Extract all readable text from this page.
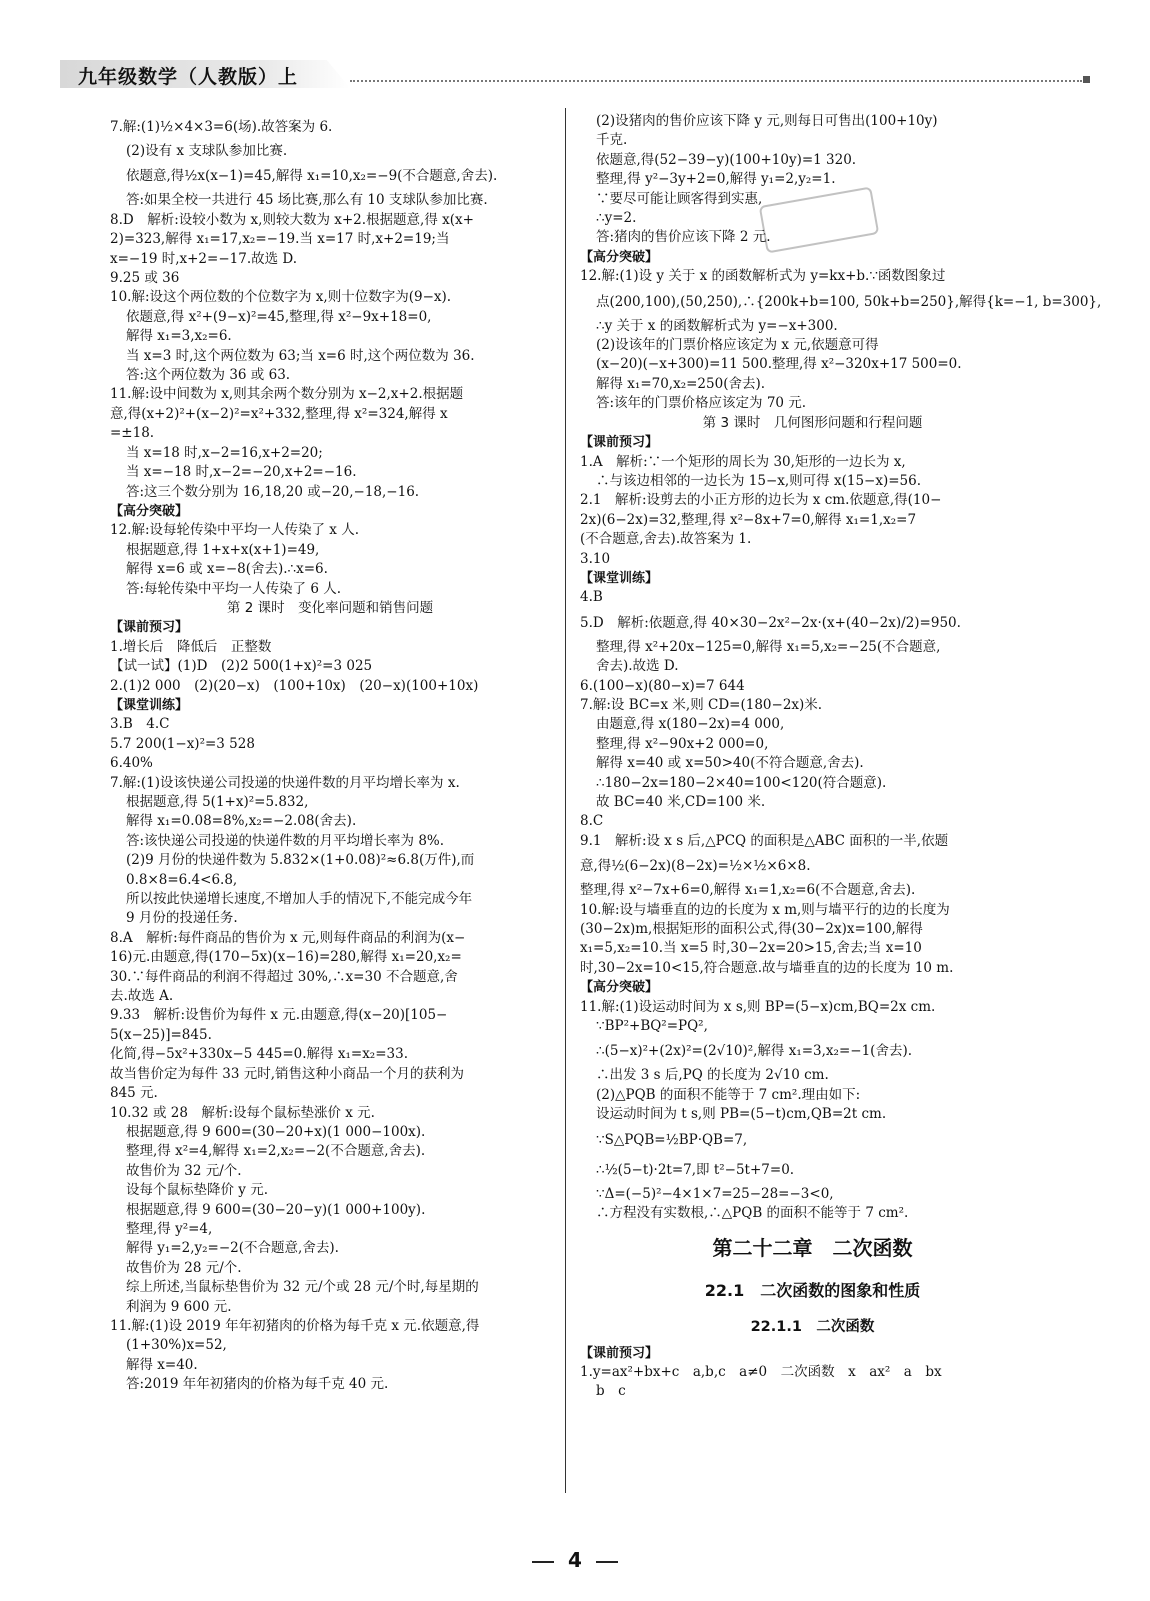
九年级数学（人教版）上
7.解:(1)½×4×3=6(场).故答案为 6.
(2)设有 x 支球队参加比赛.
依题意,得½x(x−1)=45,解得 x₁=10,x₂=−9(不合题意,舍去).
答:如果全校一共进行 45 场比赛,那么有 10 支球队参加比赛.
8.D　解析:设较小数为 x,则较大数为 x+2.根据题意,得 x(x+
2)=323,解得 x₁=17,x₂=−19.当 x=17 时,x+2=19;当
x=−19 时,x+2=−17.故选 D.
9.25 或 36
10.解:设这个两位数的个位数字为 x,则十位数字为(9−x).
依题意,得 x²+(9−x)²=45,整理,得 x²−9x+18=0,
解得 x₁=3,x₂=6.
当 x=3 时,这个两位数为 63;当 x=6 时,这个两位数为 36.
答:这个两位数为 36 或 63.
11.解:设中间数为 x,则其余两个数分别为 x−2,x+2.根据题
意,得(x+2)²+(x−2)²=x²+332,整理,得 x²=324,解得 x
=±18.
当 x=18 时,x−2=16,x+2=20;
当 x=−18 时,x−2=−20,x+2=−16.
答:这三个数分别为 16,18,20 或−20,−18,−16.
【高分突破】
12.解:设每轮传染中平均一人传染了 x 人.
根据题意,得 1+x+x(x+1)=49,
解得 x=6 或 x=−8(舍去).∴x=6.
答:每轮传染中平均一人传染了 6 人.
第 2 课时　变化率问题和销售问题
【课前预习】
1.增长后　降低后　正整数
【试一试】(1)D　(2)2 500(1+x)²=3 025
2.(1)2 000　(2)(20−x)　(100+10x)　(20−x)(100+10x)
【课堂训练】
3.B　4.C
5.7 200(1−x)²=3 528
6.40%
7.解:(1)设该快递公司投递的快递件数的月平均增长率为 x.
根据题意,得 5(1+x)²=5.832,
解得 x₁=0.08=8%,x₂=−2.08(舍去).
答:该快递公司投递的快递件数的月平均增长率为 8%.
(2)9 月份的快递件数为 5.832×(1+0.08)²≈6.8(万件),而
0.8×8=6.4<6.8,
所以按此快递增长速度,不增加人手的情况下,不能完成今年
9 月份的投递任务.
8.A　解析:每件商品的售价为 x 元,则每件商品的利润为(x−
16)元.由题意,得(170−5x)(x−16)=280,解得 x₁=20,x₂=
30.∵每件商品的利润不得超过 30%,∴x=30 不合题意,舍
去.故选 A.
9.33　解析:设售价为每件 x 元.由题意,得(x−20)[105−
5(x−25)]=845.
化简,得−5x²+330x−5 445=0.解得 x₁=x₂=33.
故当售价定为每件 33 元时,销售这种小商品一个月的获利为
845 元.
10.32 或 28　解析:设每个鼠标垫涨价 x 元.
根据题意,得 9 600=(30−20+x)(1 000−100x).
整理,得 x²=4,解得 x₁=2,x₂=−2(不合题意,舍去).
故售价为 32 元/个.
设每个鼠标垫降价 y 元.
根据题意,得 9 600=(30−20−y)(1 000+100y).
整理,得 y²=4,
解得 y₁=2,y₂=−2(不合题意,舍去).
故售价为 28 元/个.
综上所述,当鼠标垫售价为 32 元/个或 28 元/个时,每星期的
利润为 9 600 元.
11.解:(1)设 2019 年年初猪肉的价格为每千克 x 元.依题意,得
(1+30%)x=52,
解得 x=40.
答:2019 年年初猪肉的价格为每千克 40 元.
(2)设猪肉的售价应该下降 y 元,则每日可售出(100+10y)
千克.
依题意,得(52−39−y)(100+10y)=1 320.
整理,得 y²−3y+2=0,解得 y₁=2,y₂=1.
∵要尽可能让顾客得到实惠,
∴y=2.
答:猪肉的售价应该下降 2 元.
【高分突破】
12.解:(1)设 y 关于 x 的函数解析式为 y=kx+b.∵函数图象过
点(200,100),(50,250),∴{200k+b=100, 50k+b=250},解得{k=−1, b=300},
∴y 关于 x 的函数解析式为 y=−x+300.
(2)设该年的门票价格应该定为 x 元,依题意可得
(x−20)(−x+300)=11 500.整理,得 x²−320x+17 500=0.
解得 x₁=70,x₂=250(舍去).
答:该年的门票价格应该定为 70 元.
第 3 课时　几何图形问题和行程问题
【课前预习】
1.A　解析:∵一个矩形的周长为 30,矩形的一边长为 x,
∴与该边相邻的一边长为 15−x,则可得 x(15−x)=56.
2.1　解析:设剪去的小正方形的边长为 x cm.依题意,得(10−
2x)(6−2x)=32,整理,得 x²−8x+7=0,解得 x₁=1,x₂=7
(不合题意,舍去).故答案为 1.
3.10
【课堂训练】
4.B
5.D　解析:依题意,得 40×30−2x²−2x·(x+(40−2x)/2)=950.
整理,得 x²+20x−125=0,解得 x₁=5,x₂=−25(不合题意,
舍去).故选 D.
6.(100−x)(80−x)=7 644
7.解:设 BC=x 米,则 CD=(180−2x)米.
由题意,得 x(180−2x)=4 000,
整理,得 x²−90x+2 000=0,
解得 x=40 或 x=50>40(不符合题意,舍去).
∴180−2x=180−2×40=100<120(符合题意).
故 BC=40 米,CD=100 米.
8.C
9.1　解析:设 x s 后,△PCQ 的面积是△ABC 面积的一半,依题
意,得½(6−2x)(8−2x)=½×½×6×8.
整理,得 x²−7x+6=0,解得 x₁=1,x₂=6(不合题意,舍去).
10.解:设与墙垂直的边的长度为 x m,则与墙平行的边的长度为
(30−2x)m,根据矩形的面积公式,得(30−2x)x=100,解得
x₁=5,x₂=10.当 x=5 时,30−2x=20>15,舍去;当 x=10
时,30−2x=10<15,符合题意.故与墙垂直的边的长度为 10 m.
【高分突破】
11.解:(1)设运动时间为 x s,则 BP=(5−x)cm,BQ=2x cm.
∵BP²+BQ²=PQ²,
∴(5−x)²+(2x)²=(2√10)²,解得 x₁=3,x₂=−1(舍去).
∴出发 3 s 后,PQ 的长度为 2√10 cm.
(2)△PQB 的面积不能等于 7 cm².理由如下:
设运动时间为 t s,则 PB=(5−t)cm,QB=2t cm.
∵S△PQB=½BP·QB=7,
∴½(5−t)·2t=7,即 t²−5t+7=0.
∵Δ=(−5)²−4×1×7=25−28=−3<0,
∴方程没有实数根,∴△PQB 的面积不能等于 7 cm².
第二十二章　二次函数
22.1　二次函数的图象和性质
22.1.1　二次函数
【课前预习】
1.y=ax²+bx+c　a,b,c　a≠0　二次函数　x　ax²　a　bx
b　c
4
